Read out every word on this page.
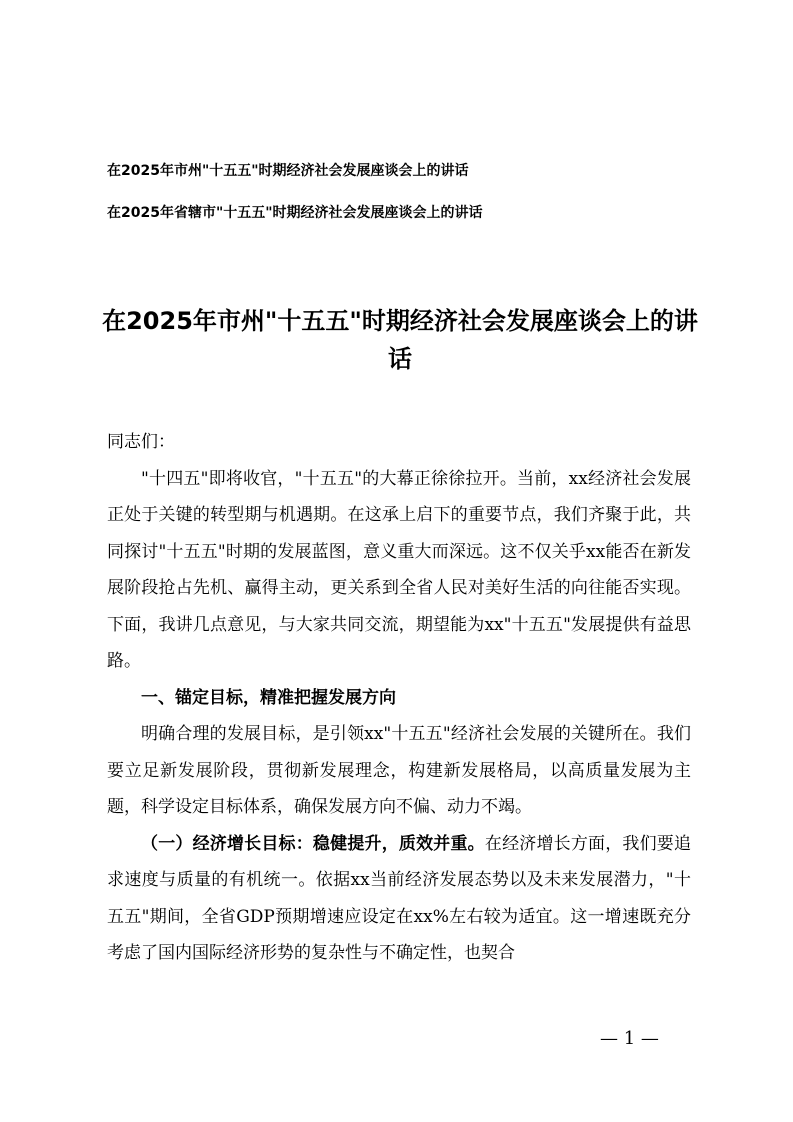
在2025年市州"十五五"时期经济社会发展座谈会上的讲话
在2025年省辖市"十五五"时期经济社会发展座谈会上的讲话
在2025年市州"十五五"时期经济社会发展座谈会上的讲话

同志们：

"十四五"即将收官，"十五五"的大幕正徐徐拉开。当前，xx经济社会发展正处于关键的转型期与机遇期。在这承上启下的重要节点，我们齐聚于此，共同探讨"十五五"时期的发展蓝图，意义重大而深远。这不仅关乎xx能否在新发展阶段抢占先机、赢得主动，更关系到全省人民对美好生活的向往能否实现。下面，我讲几点意见，与大家共同交流，期望能为xx"十五五"发展提供有益思路。

一、锚定目标，精准把握发展方向

明确合理的发展目标，是引领xx"十五五"经济社会发展的关键所在。我们要立足新发展阶段，贯彻新发展理念，构建新发展格局，以高质量发展为主题，科学设定目标体系，确保发展方向不偏、动力不竭。

（一）经济增长目标：稳健提升，质效并重。在经济增长方面，我们要追求速度与质量的有机统一。依据xx当前经济发展态势以及未来发展潜力，"十五五"期间，全省GDP预期增速应设定在xx%左右较为适宜。这一增速既充分考虑了国内国际经济形势的复杂性与不确定性，也契合

— 1 —
